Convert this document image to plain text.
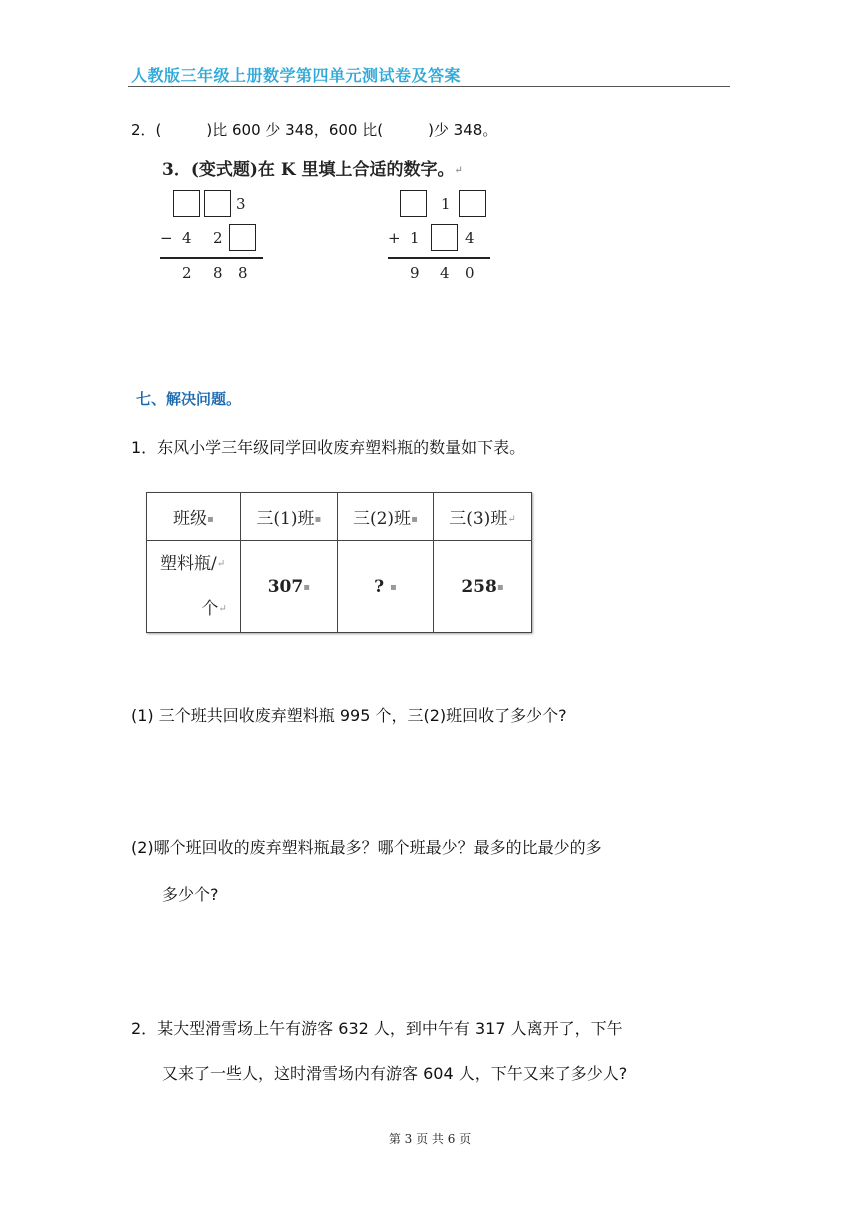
人教版三年级上册数学第四单元测试卷及答案
2．(　　　)比 600 少 348，600 比(　　　)少 348。
3．(变式题)在 K 里填上合适的数字。↵
3
− 4 2
2 8 8
1
+ 1	4
9 4 0
七、解决问题。
1．东风小学三年级同学回收废弃塑料瓶的数量如下表。
班级▪	三(1)班▪	三(2)班▪	三(3)班↵

塑料瓶/↵
个↵	307▪	? ▪	258▪
(1) 三个班共回收废弃塑料瓶 995 个，三(2)班回收了多少个?
(2)哪个班回收的废弃塑料瓶最多？哪个班最少？最多的比最少的多
多少个?
2．某大型滑雪场上午有游客 632 人，到中午有 317 人离开了，下午
又来了一些人，这时滑雪场内有游客 604 人，下午又来了多少人?
第 3 页 共 6 页
